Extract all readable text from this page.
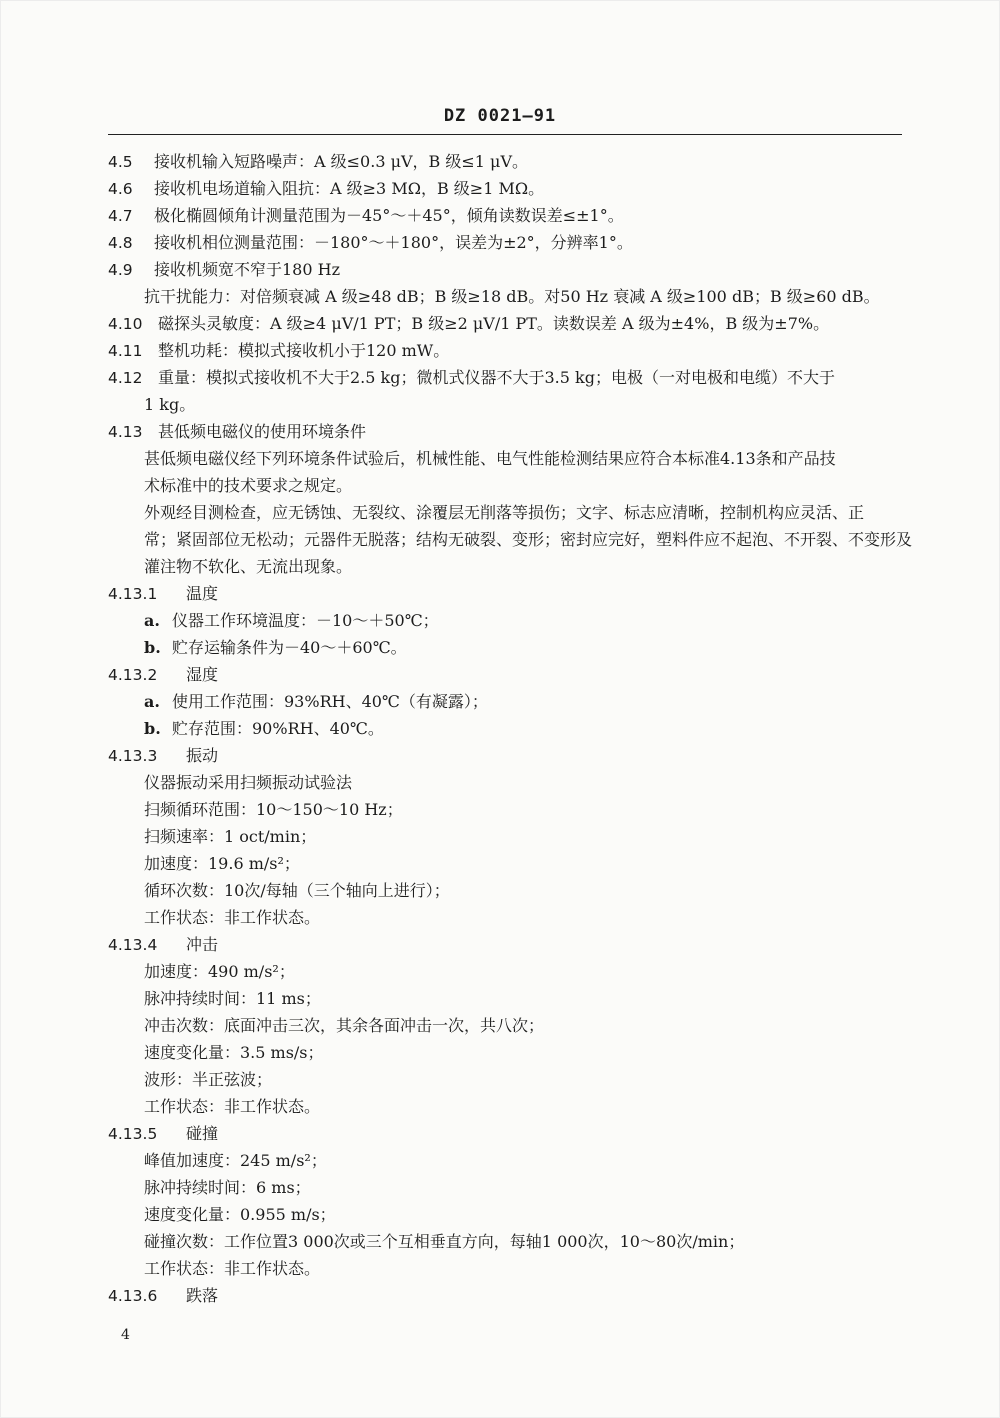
DZ 0021—91
4.5 接收机输入短路噪声：A 级≤0.3 μV，B 级≤1 μV。
4.6 接收机电场道输入阻抗：A 级≥3 MΩ，B 级≥1 MΩ。
4.7 极化椭圆倾角计测量范围为－45°～＋45°，倾角读数误差≤±1°。
4.8 接收机相位测量范围：－180°～＋180°，误差为±2°，分辨率1°。
4.9 接收机频宽不窄于180 Hz
抗干扰能力：对倍频衰减 A 级≥48 dB；B 级≥18 dB。对50 Hz 衰减 A 级≥100 dB；B 级≥60 dB。
4.10 磁探头灵敏度：A 级≥4 μV/1 PT；B 级≥2 μV/1 PT。读数误差 A 级为±4%，B 级为±7%。
4.11 整机功耗：模拟式接收机小于120 mW。
4.12 重量：模拟式接收机不大于2.5 kg；微机式仪器不大于3.5 kg；电极（一对电极和电缆）不大于
1 kg。
4.13 甚低频电磁仪的使用环境条件
甚低频电磁仪经下列环境条件试验后，机械性能、电气性能检测结果应符合本标准4.13条和产品技
术标准中的技术要求之规定。
外观经目测检查，应无锈蚀、无裂纹、涂覆层无削落等损伤；文字、标志应清晰，控制机构应灵活、正
常；紧固部位无松动；元器件无脱落；结构无破裂、变形；密封应完好，塑料件应不起泡、不开裂、不变形及
灌注物不软化、无流出现象。
4.13.1 温度
a. 仪器工作环境温度：－10～＋50℃；
b. 贮存运输条件为－40～＋60℃。
4.13.2 湿度
a. 使用工作范围：93%RH、40℃（有凝露）；
b. 贮存范围：90%RH、40℃。
4.13.3 振动
仪器振动采用扫频振动试验法
扫频循环范围：10～150～10 Hz；
扫频速率：1 oct/min；
加速度：19.6 m/s²；
循环次数：10次/每轴（三个轴向上进行）；
工作状态：非工作状态。
4.13.4 冲击
加速度：490 m/s²；
脉冲持续时间：11 ms；
冲击次数：底面冲击三次，其余各面冲击一次，共八次；
速度变化量：3.5 ms/s；
波形：半正弦波；
工作状态：非工作状态。
4.13.5 碰撞
峰值加速度：245 m/s²；
脉冲持续时间：6 ms；
速度变化量：0.955 m/s；
碰撞次数：工作位置3 000次或三个互相垂直方向，每轴1 000次，10～80次/min；
工作状态：非工作状态。
4.13.6 跌落
4
